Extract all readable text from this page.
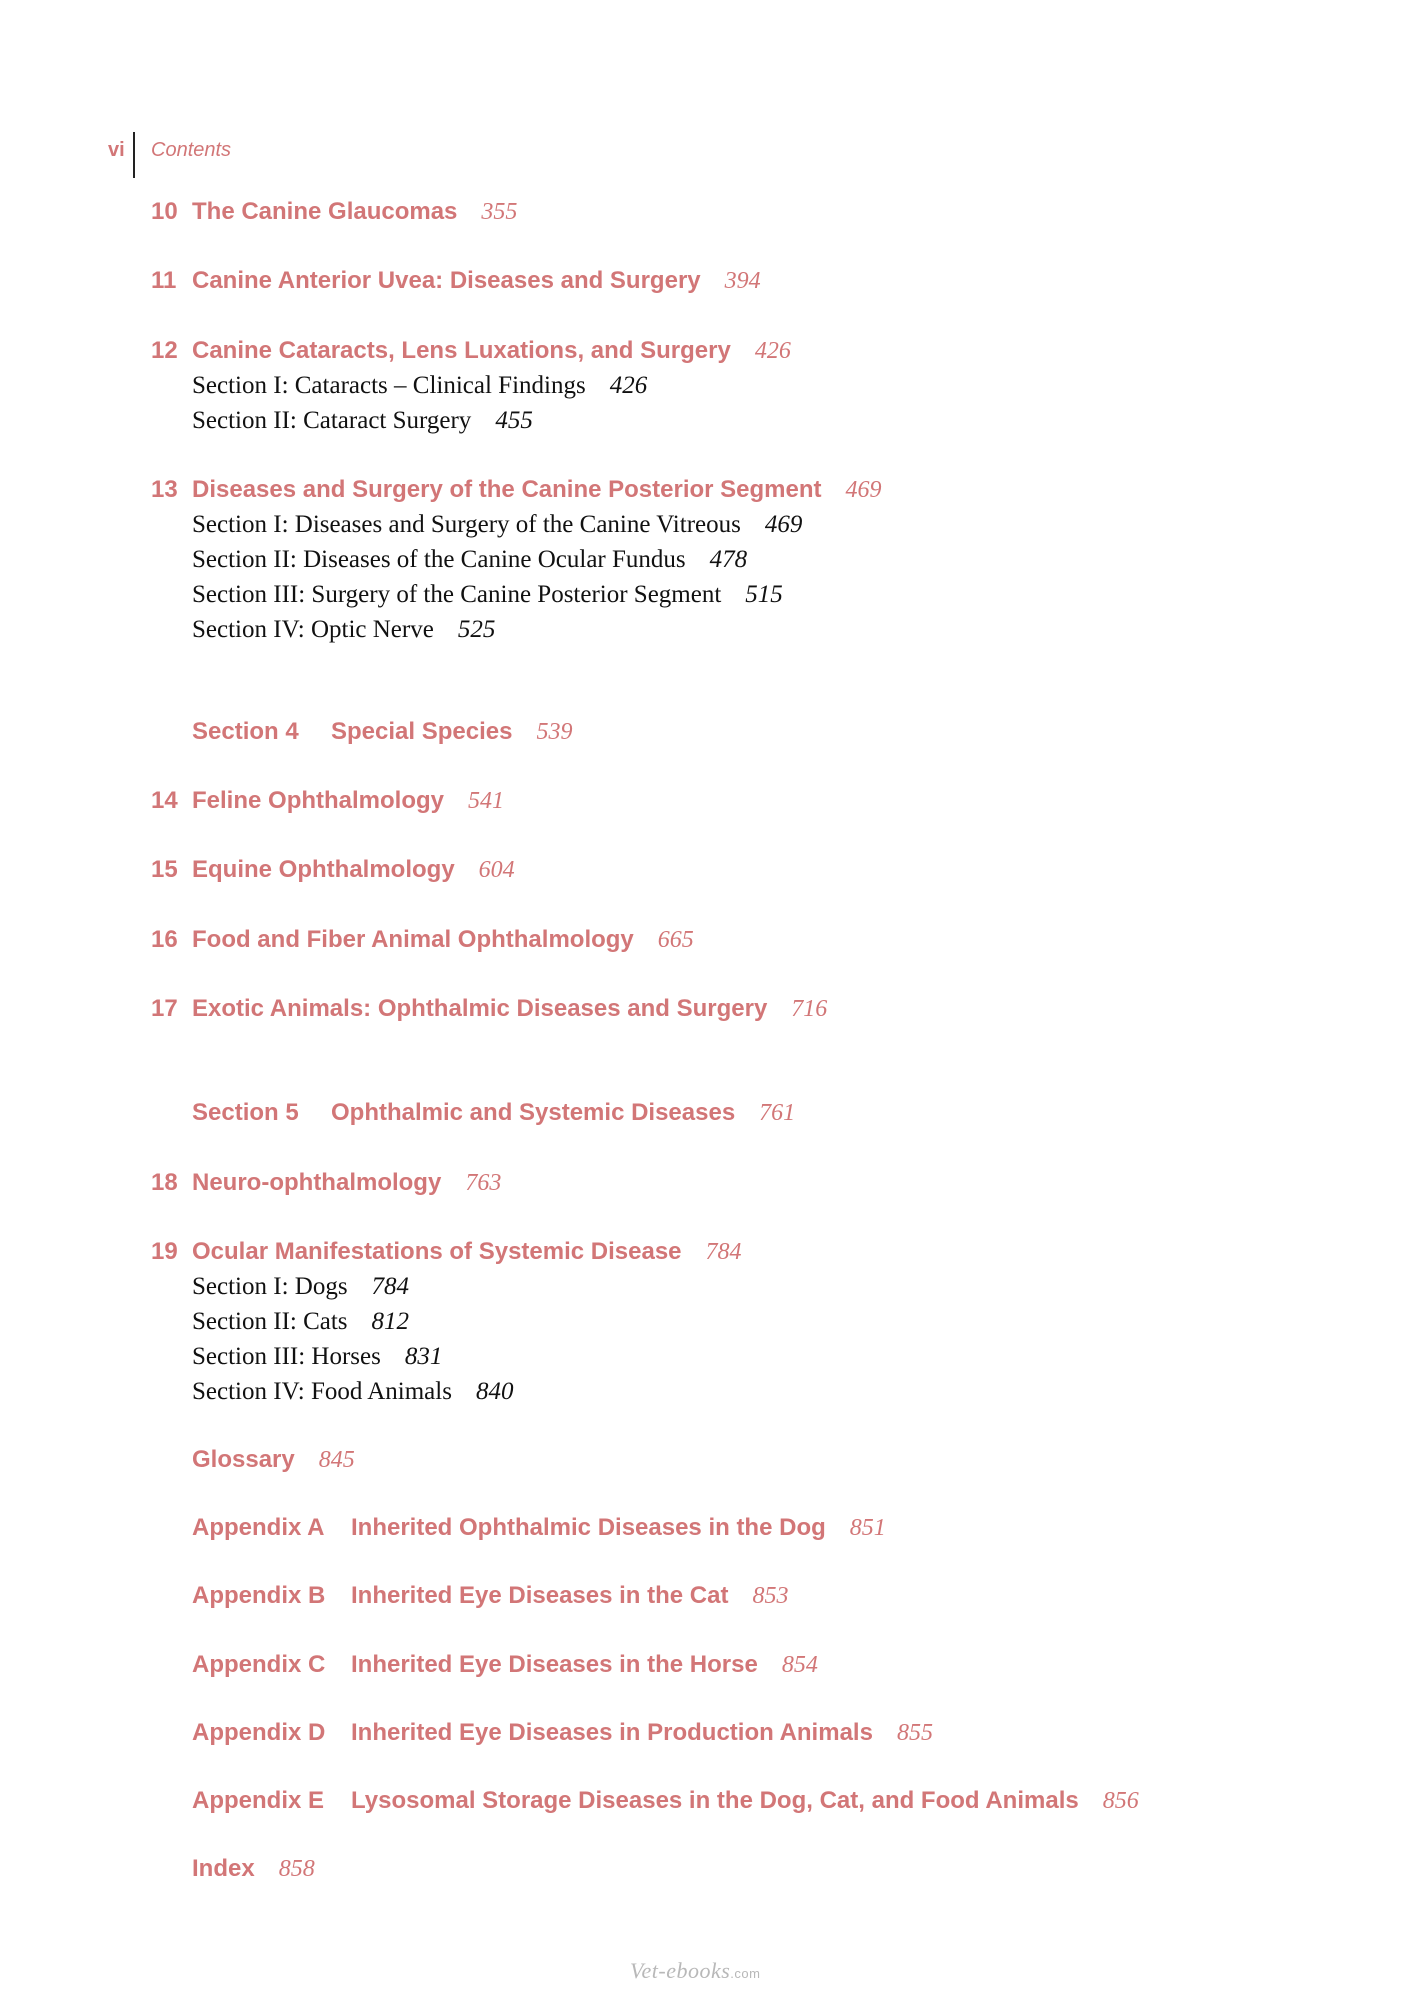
vi Contents
10 The Canine Glaucomas 355
11 Canine Anterior Uvea: Diseases and Surgery 394
12 Canine Cataracts, Lens Luxations, and Surgery 426
Section I: Cataracts – Clinical Findings 426
Section II: Cataract Surgery 455
13 Diseases and Surgery of the Canine Posterior Segment 469
Section I: Diseases and Surgery of the Canine Vitreous 469
Section II: Diseases of the Canine Ocular Fundus 478
Section III: Surgery of the Canine Posterior Segment 515
Section IV: Optic Nerve 525
Section 4 Special Species 539
14 Feline Ophthalmology 541
15 Equine Ophthalmology 604
16 Food and Fiber Animal Ophthalmology 665
17 Exotic Animals: Ophthalmic Diseases and Surgery 716
Section 5 Ophthalmic and Systemic Diseases 761
18 Neuro-ophthalmology 763
19 Ocular Manifestations of Systemic Disease 784
Section I: Dogs 784
Section II: Cats 812
Section III: Horses 831
Section IV: Food Animals 840
Glossary 845
Appendix A Inherited Ophthalmic Diseases in the Dog 851
Appendix B Inherited Eye Diseases in the Cat 853
Appendix C Inherited Eye Diseases in the Horse 854
Appendix D Inherited Eye Diseases in Production Animals 855
Appendix E Lysosomal Storage Diseases in the Dog, Cat, and Food Animals 856
Index 858
Vet-ebooks.com
